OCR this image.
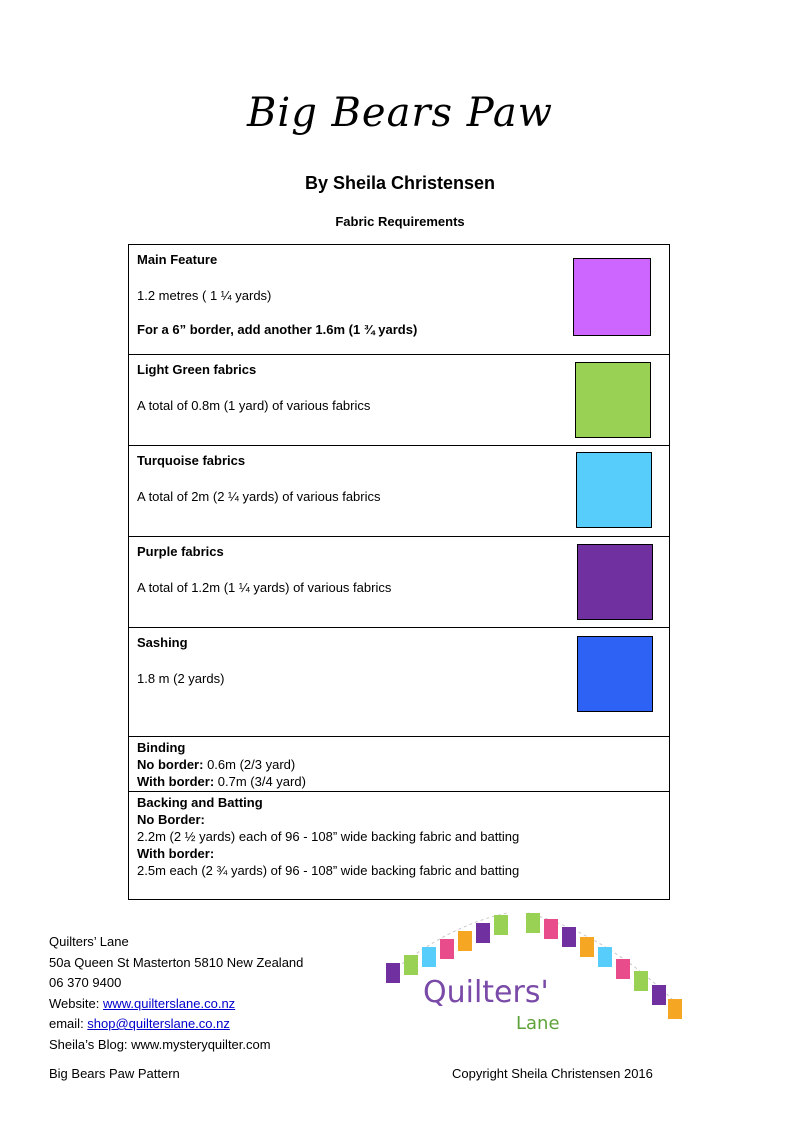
Big Bears Paw
By Sheila Christensen
Fabric Requirements
Main Feature
1.2 metres ( 1 ¼ yards)
For a 6” border, add another 1.6m (1 ¾ yards)
Light Green fabrics
A total of 0.8m (1 yard) of various fabrics
Turquoise fabrics
A total of 2m (2 ¼ yards) of various fabrics
Purple fabrics
A total of 1.2m (1 ¼ yards) of various fabrics
Sashing
1.8 m (2 yards)
Binding
No border: 0.6m (2/3 yard)
With border: 0.7m (3/4 yard)
Backing and Batting
No Border:
2.2m (2 ½ yards) each of 96 - 108” wide backing fabric and batting
With border:
2.5m each (2 ¾ yards) of 96 - 108” wide backing fabric and batting
Quilters’ Lane
50a Queen St Masterton 5810 New Zealand
06 370 9400
Website: www.quilterslane.co.nz
email: shop@quilterslane.co.nz
Sheila’s Blog: www.mysteryquilter.com
Quilters'
Lane
Big Bears Paw Pattern	Copyright Sheila Christensen 2016
